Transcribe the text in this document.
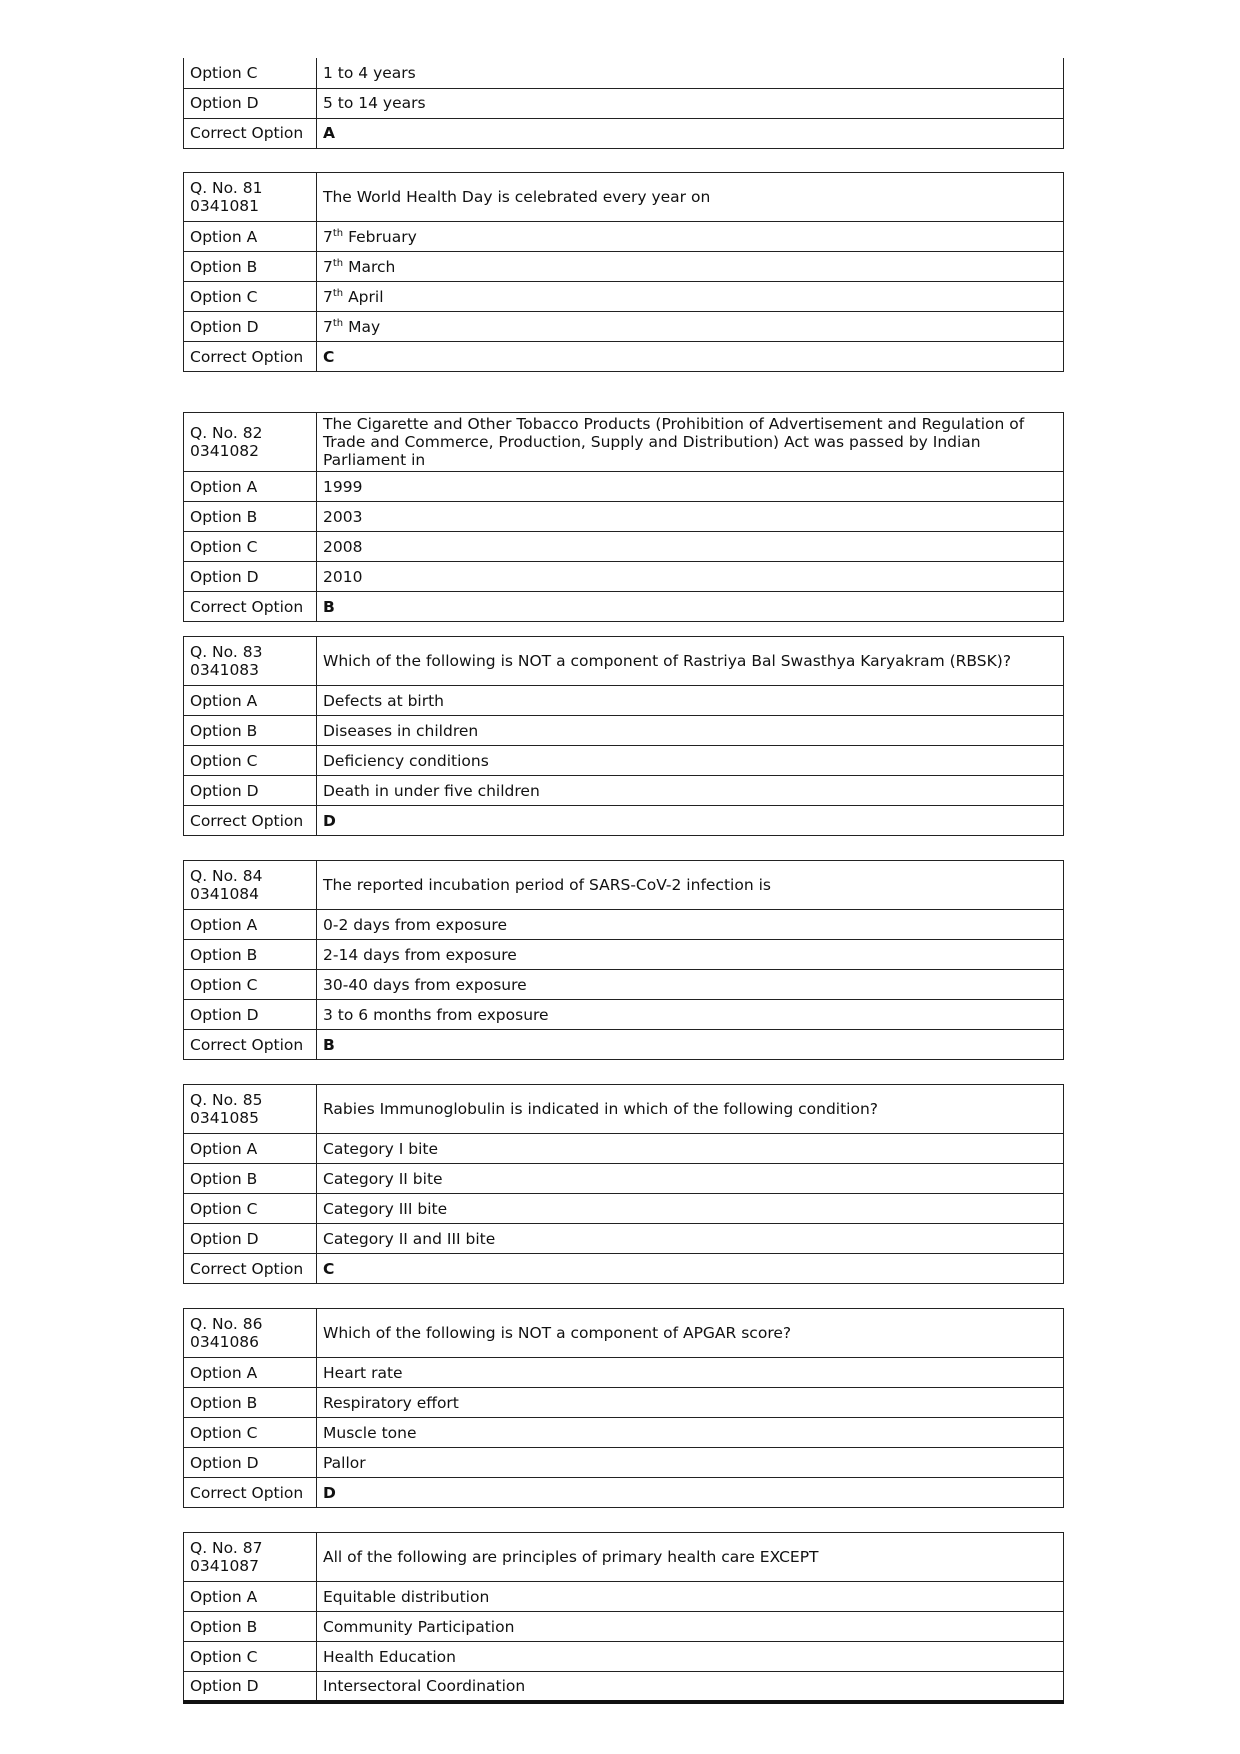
Option C	1 to 4 years
Option D	5 to 14 years
Correct Option	A
Q. No. 81
0341081	The World Health Day is celebrated every year on
Option A	7th February
Option B	7th March
Option C	7th April
Option D	7th May
Correct Option	C
Q. No. 82
0341082	The Cigarette and Other Tobacco Products (Prohibition of Advertisement and Regulation of Trade and Commerce, Production, Supply and Distribution) Act was passed by Indian Parliament in
Option A	1999
Option B	2003
Option C	2008
Option D	2010
Correct Option	B
Q. No. 83
0341083	Which of the following is NOT a component of Rastriya Bal Swasthya Karyakram (RBSK)?
Option A	Defects at birth
Option B	Diseases in children
Option C	Deficiency conditions
Option D	Death in under five children
Correct Option	D
Q. No. 84
0341084	The reported incubation period of SARS-CoV-2 infection is
Option A	0-2 days from exposure
Option B	2-14 days from exposure
Option C	30-40 days from exposure
Option D	3 to 6 months from exposure
Correct Option	B
Q. No. 85
0341085	Rabies Immunoglobulin is indicated in which of the following condition?
Option A	Category I bite
Option B	Category II bite
Option C	Category III bite
Option D	Category II and III bite
Correct Option	C
Q. No. 86
0341086	Which of the following is NOT a component of APGAR score?
Option A	Heart rate
Option B	Respiratory effort
Option C	Muscle tone
Option D	Pallor
Correct Option	D
Q. No. 87
0341087	All of the following are principles of primary health care EXCEPT
Option A	Equitable distribution
Option B	Community Participation
Option C	Health Education
Option D	Intersectoral Coordination
